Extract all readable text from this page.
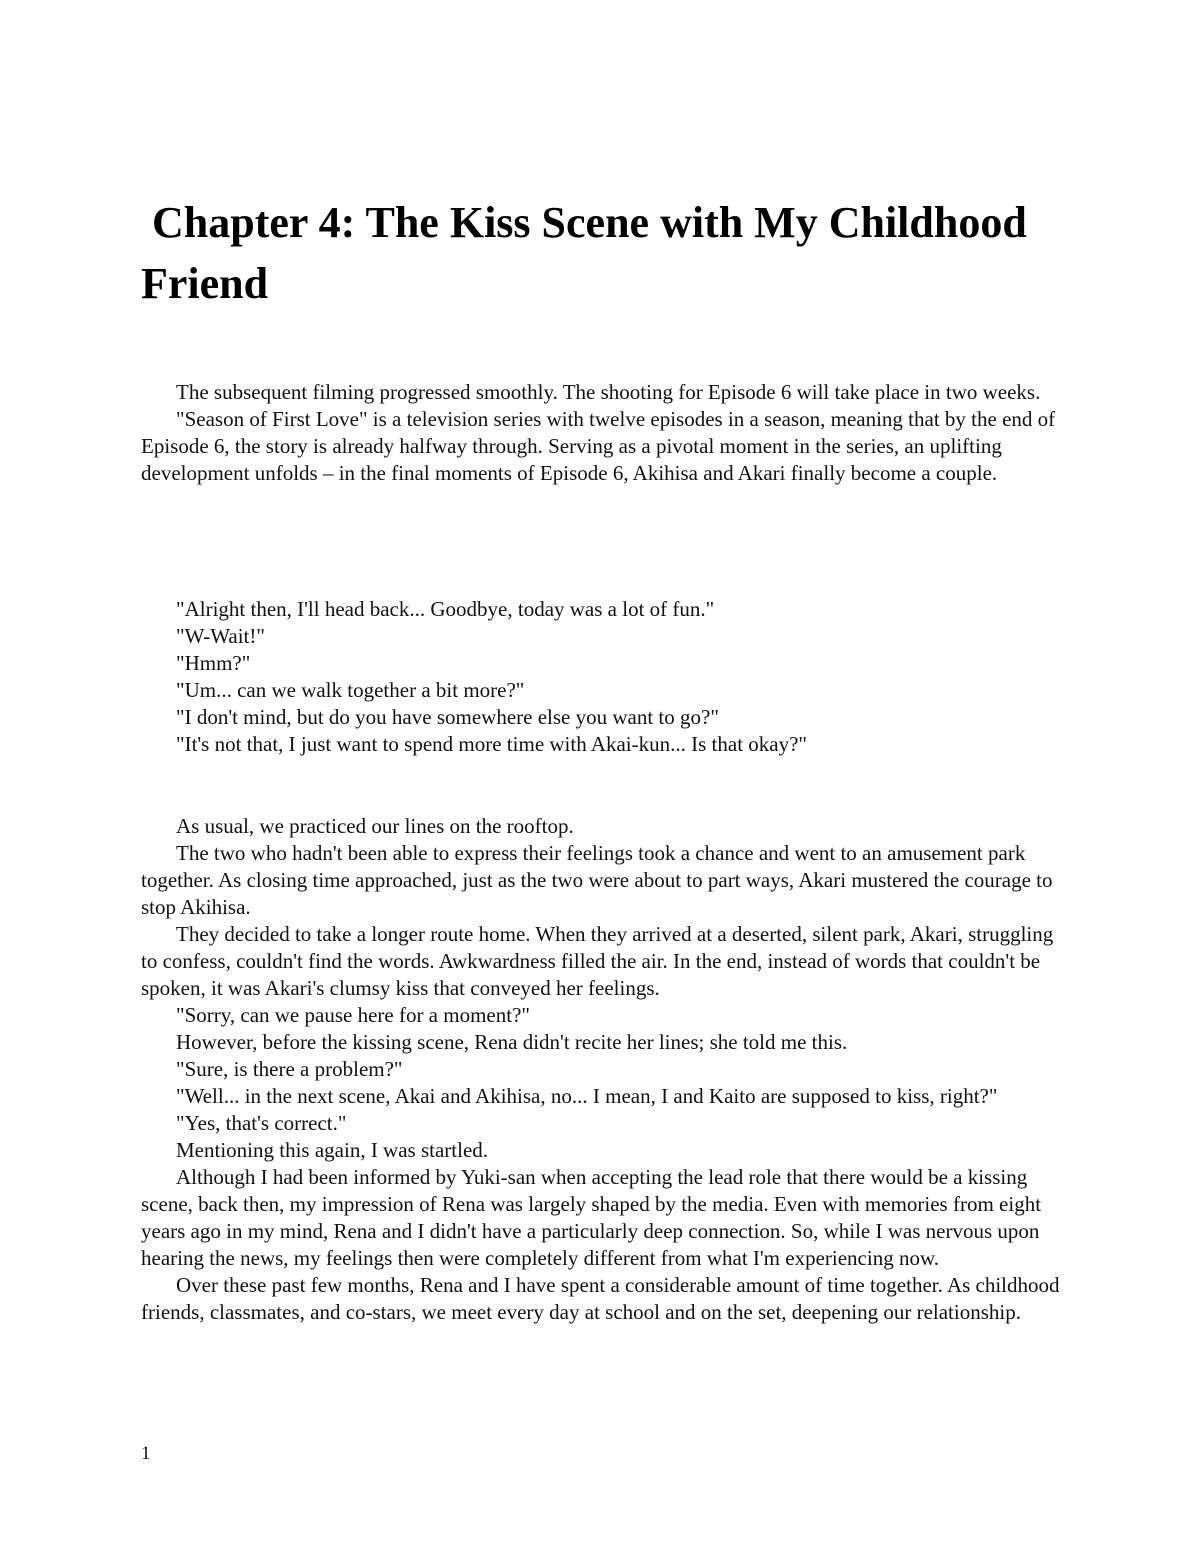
Chapter 4: The Kiss Scene with My Childhood Friend

The subsequent filming progressed smoothly. The shooting for Episode 6 will take place in two weeks.

"Season of First Love" is a television series with twelve episodes in a season, meaning that by the end of Episode 6, the story is already halfway through. Serving as a pivotal moment in the series, an uplifting development unfolds – in the final moments of Episode 6, Akihisa and Akari finally become a couple.

"Alright then, I'll head back... Goodbye, today was a lot of fun."

"W-Wait!"

"Hmm?"

"Um... can we walk together a bit more?"

"I don't mind, but do you have somewhere else you want to go?"

"It's not that, I just want to spend more time with Akai-kun... Is that okay?"

As usual, we practiced our lines on the rooftop.

The two who hadn't been able to express their feelings took a chance and went to an amusement park together. As closing time approached, just as the two were about to part ways, Akari mustered the courage to stop Akihisa.

They decided to take a longer route home. When they arrived at a deserted, silent park, Akari, struggling to confess, couldn't find the words. Awkwardness filled the air. In the end, instead of words that couldn't be spoken, it was Akari's clumsy kiss that conveyed her feelings.

"Sorry, can we pause here for a moment?"

However, before the kissing scene, Rena didn't recite her lines; she told me this.

"Sure, is there a problem?"

"Well... in the next scene, Akai and Akihisa, no... I mean, I and Kaito are supposed to kiss, right?"

"Yes, that's correct."

Mentioning this again, I was startled.

Although I had been informed by Yuki-san when accepting the lead role that there would be a kissing scene, back then, my impression of Rena was largely shaped by the media. Even with memories from eight years ago in my mind, Rena and I didn't have a particularly deep connection. So, while I was nervous upon hearing the news, my feelings then were completely different from what I'm experiencing now.

Over these past few months, Rena and I have spent a considerable amount of time together. As childhood friends, classmates, and co-stars, we meet every day at school and on the set, deepening our relationship.

1
